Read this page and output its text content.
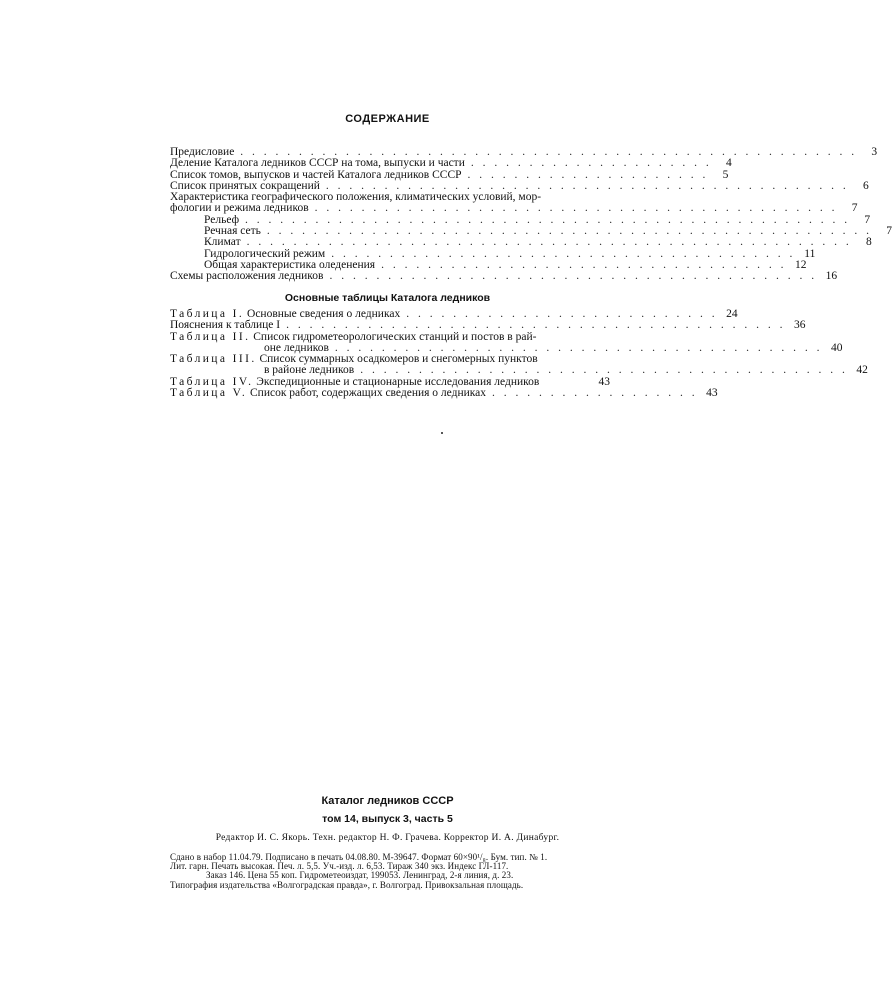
СОДЕРЖАНИЕ
Предисловие . . . . . . . . . . . . . . . . . . . . . . . . . . . . . . . . . . . . . . . . . . . . . . . . . . . . .	3
Деление Каталога ледников СССР на тома, выпуски и части . . . . . . . . . . . . . . . . . . . . .	4
Список томов, выпусков и частей Каталога ледников СССР . . . . . . . . . . . . . . . . . . . . .	5
Список принятых сокращений . . . . . . . . . . . . . . . . . . . . . . . . . . . . . . . . . . . . . . . . . . . . .	6
Характеристика географического положения, климатических условий, мор-
фологии и режима ледников . . . . . . . . . . . . . . . . . . . . . . . . . . . . . . . . . . . . . . . . . . . . .	7
Рельеф . . . . . . . . . . . . . . . . . . . . . . . . . . . . . . . . . . . . . . . . . . . . . . . . . . . .	7
Речная сеть . . . . . . . . . . . . . . . . . . . . . . . . . . . . . . . . . . . . . . . . . . . . . . . . . . . .	7
Климат . . . . . . . . . . . . . . . . . . . . . . . . . . . . . . . . . . . . . . . . . . . . . . . . . . . .	8
Гидрологический режим . . . . . . . . . . . . . . . . . . . . . . . . . . . . . . . . . . . . . . . . 11
Общая характеристика оледенения . . . . . . . . . . . . . . . . . . . . . . . . . . . . . . . . . . . 12
Схемы расположения ледников . . . . . . . . . . . . . . . . . . . . . . . . . . . . . . . . . . . . . . . . . . 16
Основные таблицы Каталога ледников
Таблица I. Основные сведения о ледниках . . . . . . . . . . . . . . . . . . . . . . . . . . . 24
Пояснения к таблице I . . . . . . . . . . . . . . . . . . . . . . . . . . . . . . . . . . . . . . . . . . . 36
Таблица II. Список гидрометеорологических станций и постов в рай-
оне ледников . . . . . . . . . . . . . . . . . . . . . . . . . . . . . . . . . . . . . . . . . . 40
Таблица III. Список суммарных осадкомеров и снегомерных пунктов
в районе ледников . . . . . . . . . . . . . . . . . . . . . . . . . . . . . . . . . . . . . . . . . . 42
Таблица IV. Экспедиционные и стационарные исследования ледников	43
Таблица V. Список работ, содержащих сведения о ледниках . . . . . . . . . . . . . . . . . . 43
Каталог ледников СССР
том 14, выпуск 3, часть 5
Редактор И. С. Якорь. Техн. редактор Н. Ф. Грачева. Корректор И. А. Динабург.
Сдано в набор 11.04.79. Подписано в печать 04.08.80. М-39647. Формат 60×90¹/₈. Бум. тип. № 1.
Лит. гарн. Печать высокая. Печ. л. 5,5. Уч.-изд. л. 6,53. Тираж 340 экз. Индекс ГЛ-117.
Заказ 146. Цена 55 коп. Гидрометеоиздат, 199053. Ленинград, 2-я линия, д. 23.
Типография издательства «Волгоградская правда», г. Волгоград. Привокзальная площадь.
